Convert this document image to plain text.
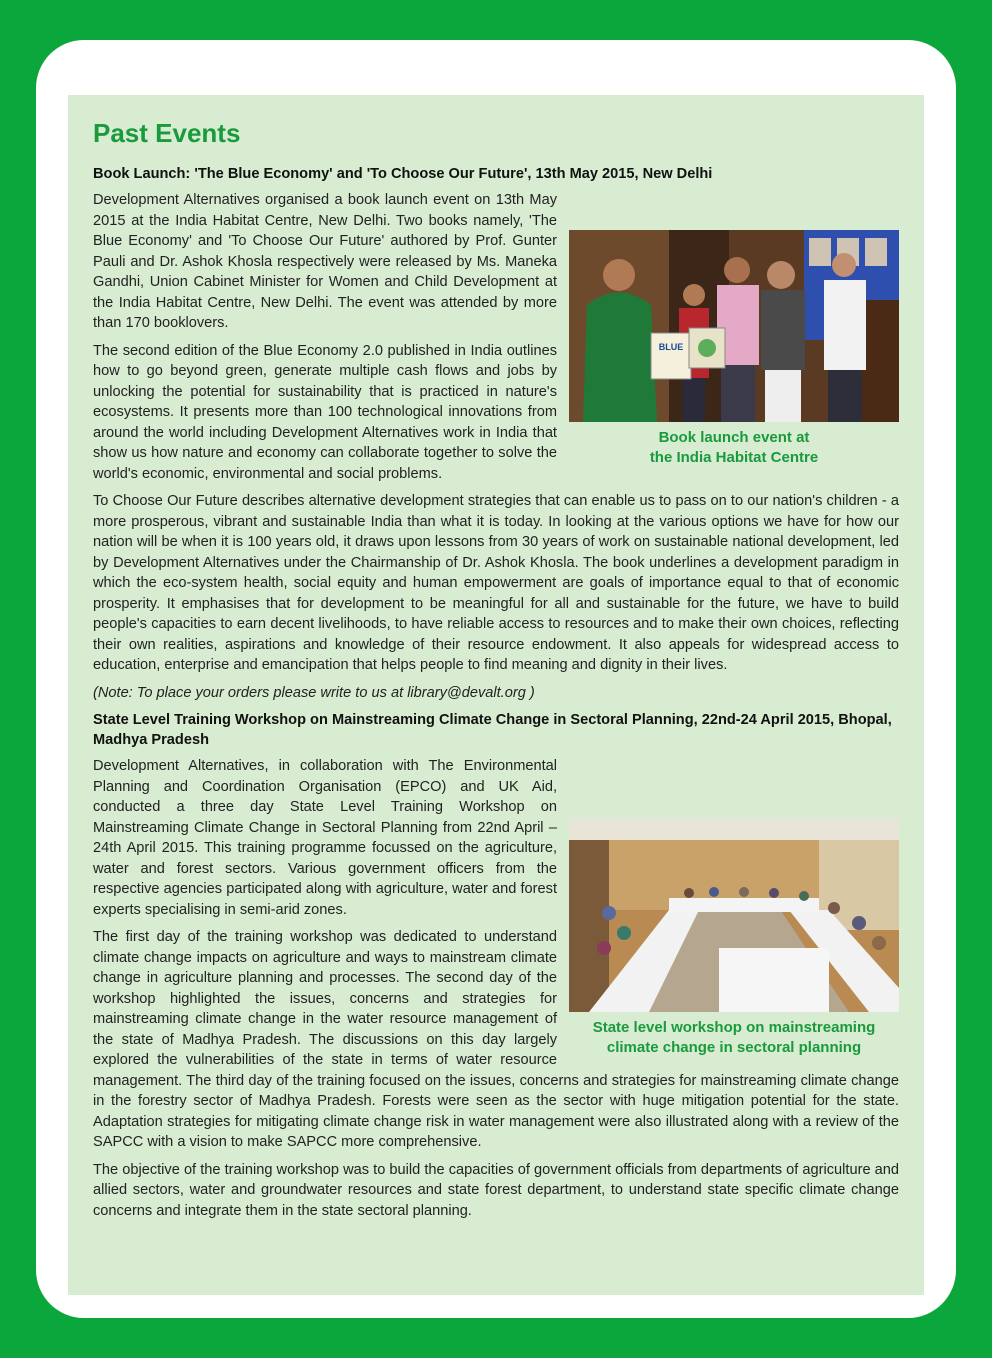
Past Events
Book Launch: 'The Blue Economy' and 'To Choose Our Future', 13th May 2015, New Delhi
BLUE
Book launch event at
the India Habitat Centre

Development Alternatives organised a book launch event on 13th May 2015 at the India Habitat Centre, New Delhi. Two books namely, 'The Blue Economy' and 'To Choose Our Future' authored by Prof. Gunter Pauli and Dr. Ashok Khosla respectively were released by Ms. Maneka Gandhi, Union Cabinet Minister for Women and Child Development at the India Habitat Centre, New Delhi. The event was attended by more than 170 booklovers.

The second edition of the Blue Economy 2.0 published in India outlines how to go beyond green, generate multiple cash flows and jobs by unlocking the potential for sustainability that is practiced in nature's ecosystems. It presents more than 100 technological innovations from around the world including Development Alternatives work in India that show us how nature and economy can collaborate together to solve the world's economic, environmental and social problems.

To Choose Our Future describes alternative development strategies that can enable us to pass on to our nation's children - a more prosperous, vibrant and sustainable India than what it is today. In looking at the various options we have for how our nation will be when it is 100 years old, it draws upon lessons from 30 years of work on sustainable national development, led by Development Alternatives under the Chairmanship of Dr. Ashok Khosla. The book underlines a development paradigm in which the eco-system health, social equity and human empowerment are goals of importance equal to that of economic prosperity. It emphasises that for development to be meaningful for all and sustainable for the future, we have to build people's capacities to earn decent livelihoods, to have reliable access to resources and to make their own choices, reflecting their own realities, aspirations and knowledge of their resource endowment. It also appeals for widespread access to education, enterprise and emancipation that helps people to find meaning and dignity in their lives.

(Note: To place your orders please write to us at library@devalt.org )

State Level Training Workshop on Mainstreaming Climate Change in Sectoral Planning, 22nd-24 April 2015, Bhopal, Madhya Pradesh
State level workshop on mainstreaming
climate change in sectoral planning

Development Alternatives, in collaboration with The Environmental Planning and Coordination Organisation (EPCO) and UK Aid, conducted a three day State Level Training Workshop on Mainstreaming Climate Change in Sectoral Planning from 22nd April – 24th April 2015. This training programme focussed on the agriculture, water and forest sectors. Various government officers from the respective agencies participated along with agriculture, water and forest experts specialising in semi-arid zones.

The first day of the training workshop was dedicated to understand climate change impacts on agriculture and ways to mainstream climate change in agriculture planning and processes. The second day of the workshop highlighted the issues, concerns and strategies for mainstreaming climate change in the water resource management of the state of Madhya Pradesh. The discussions on this day largely explored the vulnerabilities of the state in terms of water resource management. The third day of the training focused on the issues, concerns and strategies for mainstreaming climate change in the forestry sector of Madhya Pradesh. Forests were seen as the sector with huge mitigation potential for the state. Adaptation strategies for mitigating climate change risk in water management were also illustrated along with a review of the SAPCC with a vision to make SAPCC more comprehensive.

The objective of the training workshop was to build the capacities of government officials from departments of agriculture and allied sectors, water and groundwater resources and state forest department, to understand state specific climate change concerns and integrate them in the state sectoral planning.
